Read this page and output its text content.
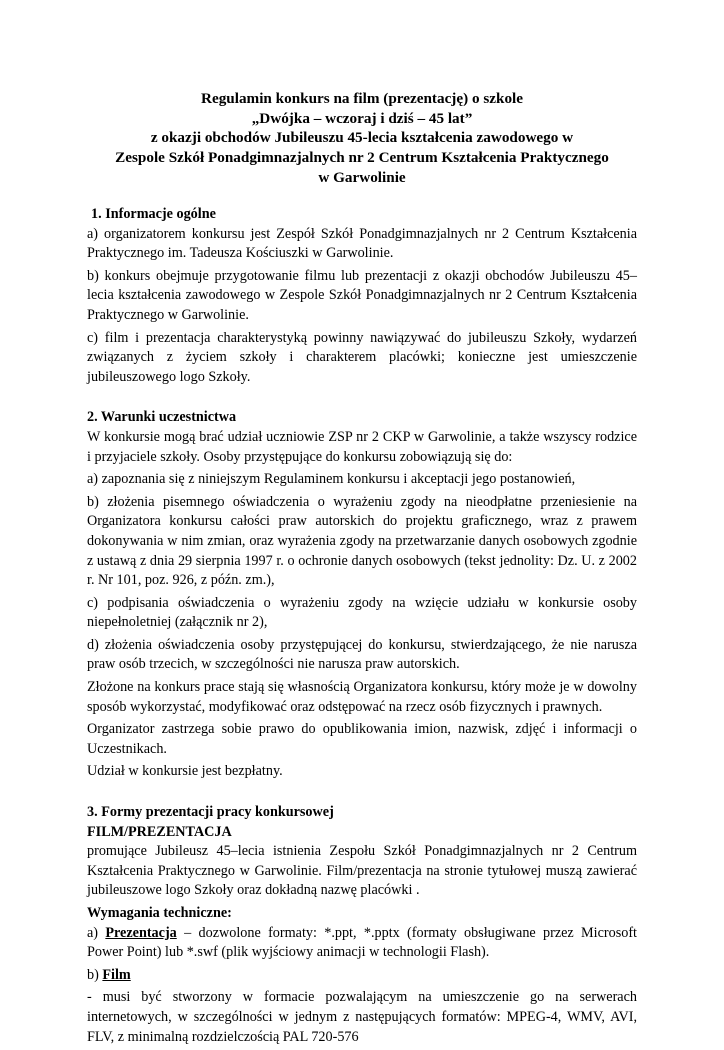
Regulamin konkurs na film (prezentację) o szkole
„Dwójka – wczoraj i dziś – 45 lat”
z okazji obchodów Jubileuszu 45-lecia kształcenia zawodowego w
Zespole Szkół Ponadgimnazjalnych nr 2 Centrum Kształcenia Praktycznego
w Garwolinie
1. Informacje ogólne
a) organizatorem konkursu jest Zespół Szkół Ponadgimnazjalnych nr 2 Centrum Kształcenia Praktycznego im. Tadeusza Kościuszki w Garwolinie.
b) konkurs obejmuje przygotowanie filmu lub prezentacji z okazji obchodów Jubileuszu 45–lecia kształcenia zawodowego w Zespole Szkół Ponadgimnazjalnych nr 2 Centrum Kształcenia Praktycznego w Garwolinie.
c) film i prezentacja charakterystyką powinny nawiązywać do jubileuszu Szkoły, wydarzeń związanych z życiem szkoły i charakterem placówki; konieczne jest umieszczenie jubileuszowego logo Szkoły.
2. Warunki uczestnictwa
W konkursie mogą brać udział uczniowie ZSP nr 2 CKP w Garwolinie, a także wszyscy rodzice i przyjaciele szkoły. Osoby przystępujące do konkursu zobowiązują się do:
a) zapoznania się z niniejszym Regulaminem konkursu i akceptacji jego postanowień,
b) złożenia pisemnego oświadczenia o wyrażeniu zgody na nieodpłatne przeniesienie na Organizatora konkursu całości praw autorskich do projektu graficznego, wraz z prawem dokonywania w nim zmian, oraz wyrażenia zgody na przetwarzanie danych osobowych zgodnie z ustawą z dnia 29 sierpnia 1997 r. o ochronie danych osobowych (tekst jednolity: Dz. U. z 2002 r. Nr 101, poz. 926, z późn. zm.),
c) podpisania oświadczenia o wyrażeniu zgody na wzięcie udziału w konkursie osoby niepełnoletniej (załącznik nr 2),
d) złożenia oświadczenia osoby przystępującej do konkursu, stwierdzającego, że nie narusza praw osób trzecich, w szczególności nie narusza praw autorskich.
Złożone na konkurs prace stają się własnością Organizatora konkursu, który może je w dowolny sposób wykorzystać, modyfikować oraz odstępować na rzecz osób fizycznych i prawnych.
Organizator zastrzega sobie prawo do opublikowania imion, nazwisk, zdjęć i informacji o Uczestnikach.
Udział w konkursie jest bezpłatny.
3. Formy prezentacji pracy konkursowej
FILM/PREZENTACJA
promujące Jubileusz 45–lecia istnienia Zespołu Szkół Ponadgimnazjalnych nr 2 Centrum Kształcenia Praktycznego w Garwolinie. Film/prezentacja na stronie tytułowej muszą zawierać jubileuszowe logo Szkoły oraz dokładną nazwę placówki .
Wymagania techniczne:
a) Prezentacja – dozwolone formaty: *.ppt, *.pptx (formaty obsługiwane przez Microsoft Power Point) lub *.swf (plik wyjściowy animacji w technologii Flash).
b) Film
- musi być stworzony w formacie pozwalającym na umieszczenie go na serwerach internetowych, w szczególności w jednym z następujących formatów: MPEG-4, WMV, AVI, FLV, z minimalną rozdzielczością PAL 720-576
